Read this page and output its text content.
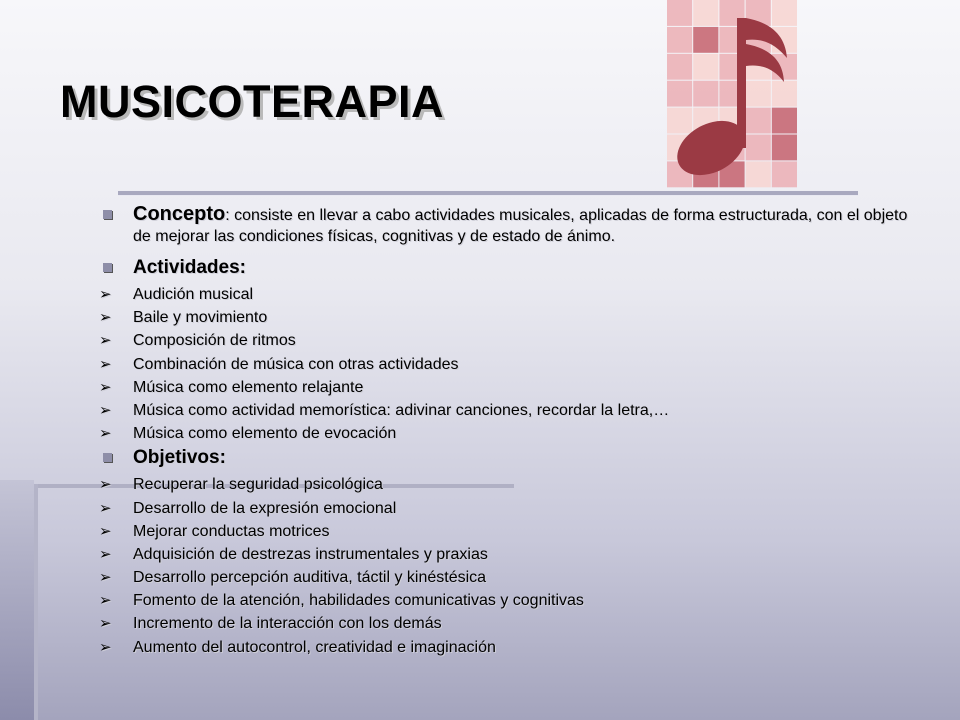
MUSICOTERAPIA
Concepto: consiste en llevar a cabo actividades musicales, aplicadas de forma estructurada, con el objeto de mejorar las condiciones físicas, cognitivas y de estado de ánimo.
Actividades:
➢ Audición musical
➢ Baile y movimiento
➢ Composición de ritmos
➢ Combinación de música con otras actividades
➢ Música como elemento relajante
➢ Música como actividad memorística: adivinar canciones, recordar la letra,…
➢ Música como elemento de evocación
Objetivos:
➢ Recuperar la seguridad psicológica
➢ Desarrollo de la expresión emocional
➢ Mejorar conductas motrices
➢ Adquisición de destrezas instrumentales y praxias
➢ Desarrollo percepción auditiva, táctil y kinéstésica
➢ Fomento de la atención, habilidades comunicativas y cognitivas
➢ Incremento de la interacción con los demás
➢ Aumento del autocontrol, creatividad e imaginación
